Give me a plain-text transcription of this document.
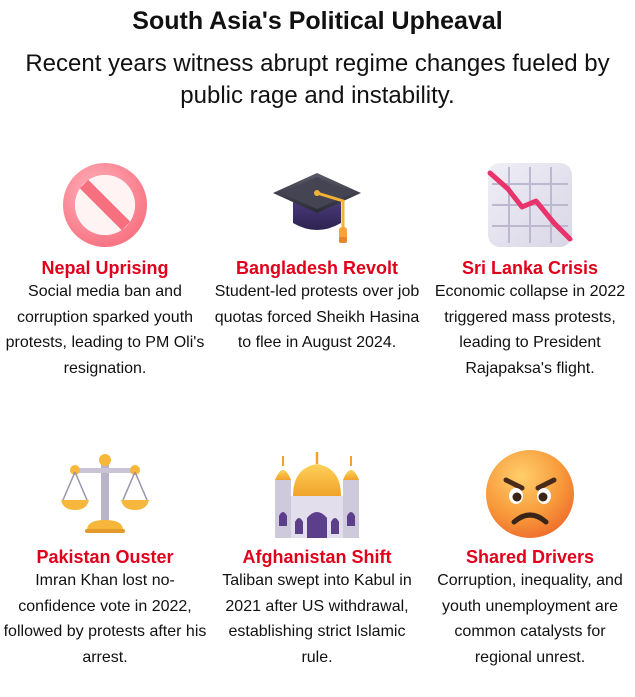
South Asia's Political Upheaval
Recent years witness abrupt regime changes fueled by public rage and instability.
Nepal Uprising
Social media ban and corruption sparked youth protests, leading to PM Oli's resignation.
Bangladesh Revolt
Student-led protests over job quotas forced Sheikh Hasina to flee in August 2024.
Sri Lanka Crisis
Economic collapse in 2022 triggered mass protests, leading to President Rajapaksa's flight.
Pakistan Ouster
Imran Khan lost no-confidence vote in 2022, followed by protests after his arrest.
Afghanistan Shift
Taliban swept into Kabul in 2021 after US withdrawal, establishing strict Islamic rule.
Shared Drivers
Corruption, inequality, and youth unemployment are common catalysts for regional unrest.
